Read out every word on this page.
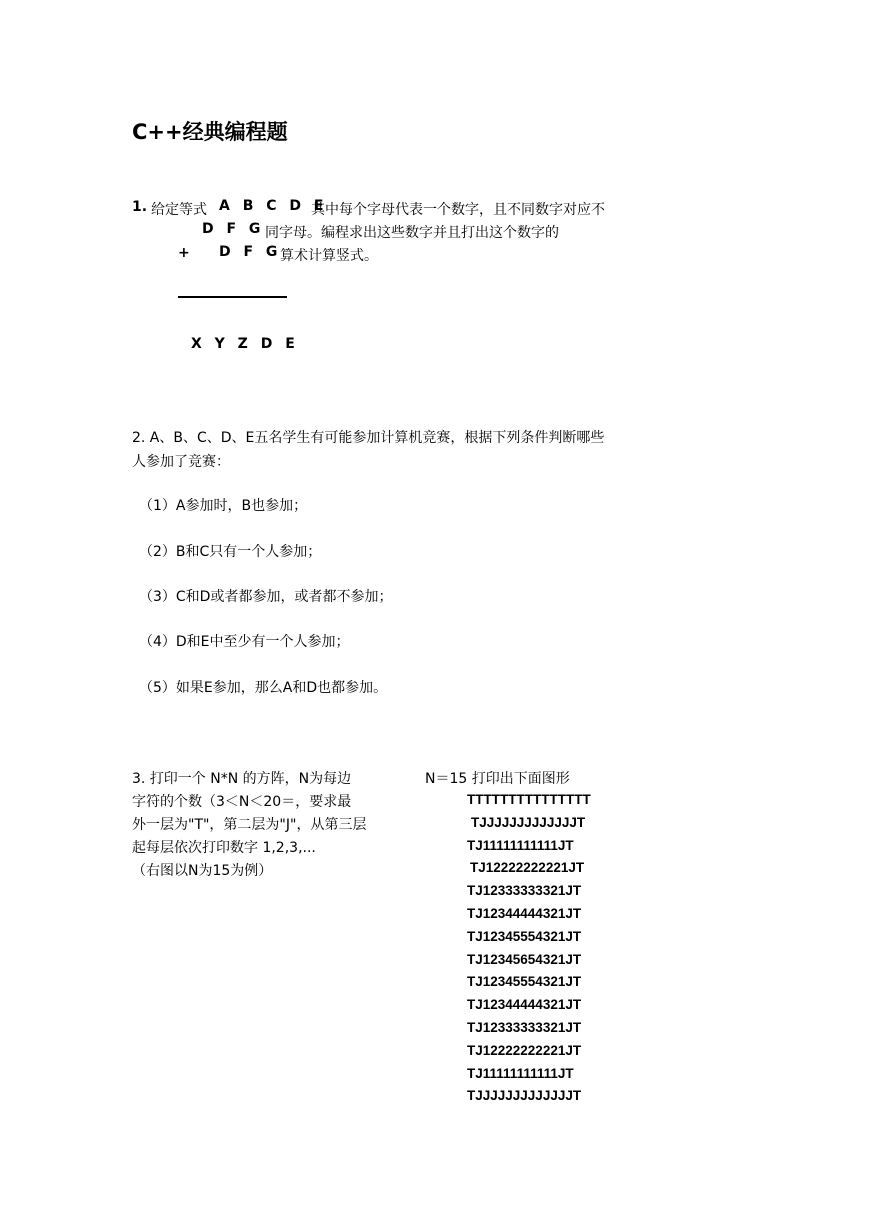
C++经典编程题
1. 给定等式 A B C D E
其中每个字母代表一个数字，且不同数字对应不
D F G 同字母。编程求出这些数字并且打出这个数字的
+ D F G
算术计算竖式。
X Y Z D E
2. A、B、C、D、E五名学生有可能参加计算机竞赛，根据下列条件判断哪些
人参加了竞赛：
（1）A参加时，B也参加；
（2）B和C只有一个人参加；
（3）C和D或者都参加，或者都不参加；
（4）D和E中至少有一个人参加；
（5）如果E参加，那么A和D也都参加。
3. 打印一个 N*N 的方阵，N为每边
字符的个数（3＜N＜20＝，要求最
外一层为"T"，第二层为"J"，从第三层
起每层依次打印数字 1,2,3,...
（右图以N为15为例）
N＝15 打印出下面图形
TTTTTTTTTTTTTTT
TJJJJJJJJJJJJJT
TJ11111111111JT
TJ12222222221JT
TJ12333333321JT
TJ12344444321JT
TJ12345554321JT
TJ12345654321JT
TJ12345554321JT
TJ12344444321JT
TJ12333333321JT
TJ12222222221JT
TJ11111111111JT
TJJJJJJJJJJJJJT
